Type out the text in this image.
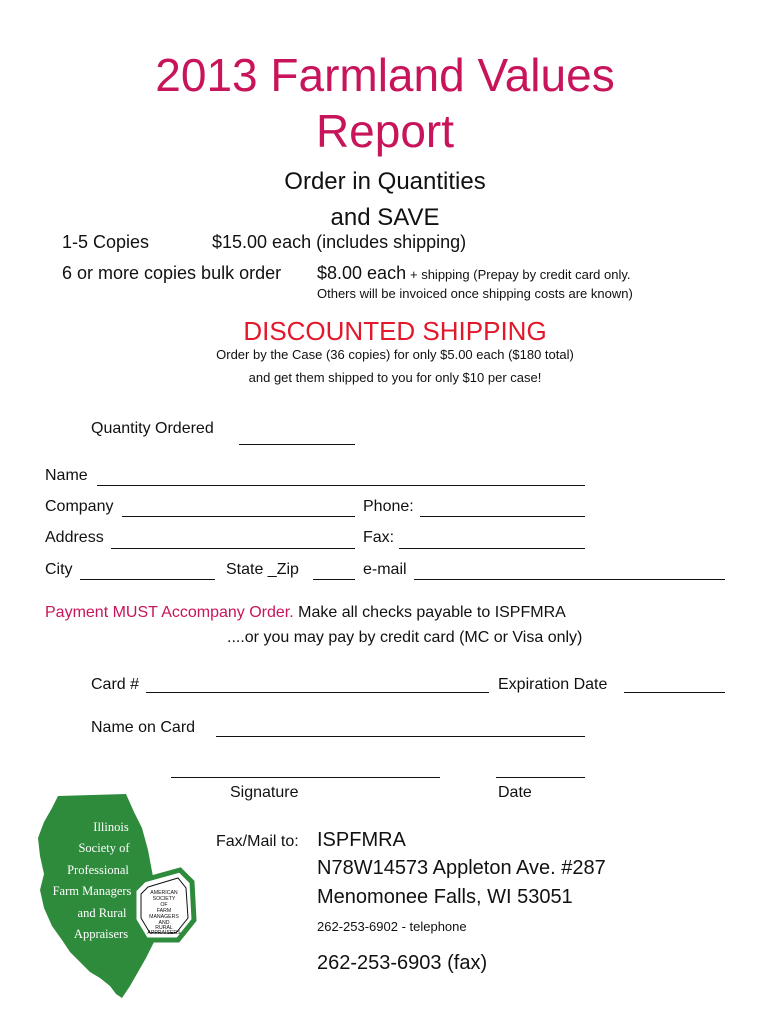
2013 Farmland Values
Report
Order in Quantities
and SAVE
1-5 Copies	$15.00 each (includes shipping)
6 or more copies bulk order $8.00 each + shipping (Prepay by credit card only.
Others will be invoiced once shipping costs are known)
DISCOUNTED SHIPPING
Order by the Case (36 copies) for only $5.00 each ($180 total)
and get them shipped to you for only $10 per case!
Quantity Ordered
Name
Company	Phone:
Address	Fax:
City	State _Zip	e-mail
Payment MUST Accompany Order. Make all checks payable to ISPFMRA
....or you may pay by credit card (MC or Visa only)
Card #	Expiration Date
Name on Card
Signature	Date
Illinois
Society of
Professional
Farm Managers
and Rural
Appraisers
AMERICAN
SOCIETY
OF
FARM
MANAGERS
AND
RURAL
APPRAISERS
Fax/Mail to: ISPFMRA
N78W14573 Appleton Ave. #287
Menomonee Falls, WI 53051
262-253-6902 - telephone
262-253-6903 (fax)
